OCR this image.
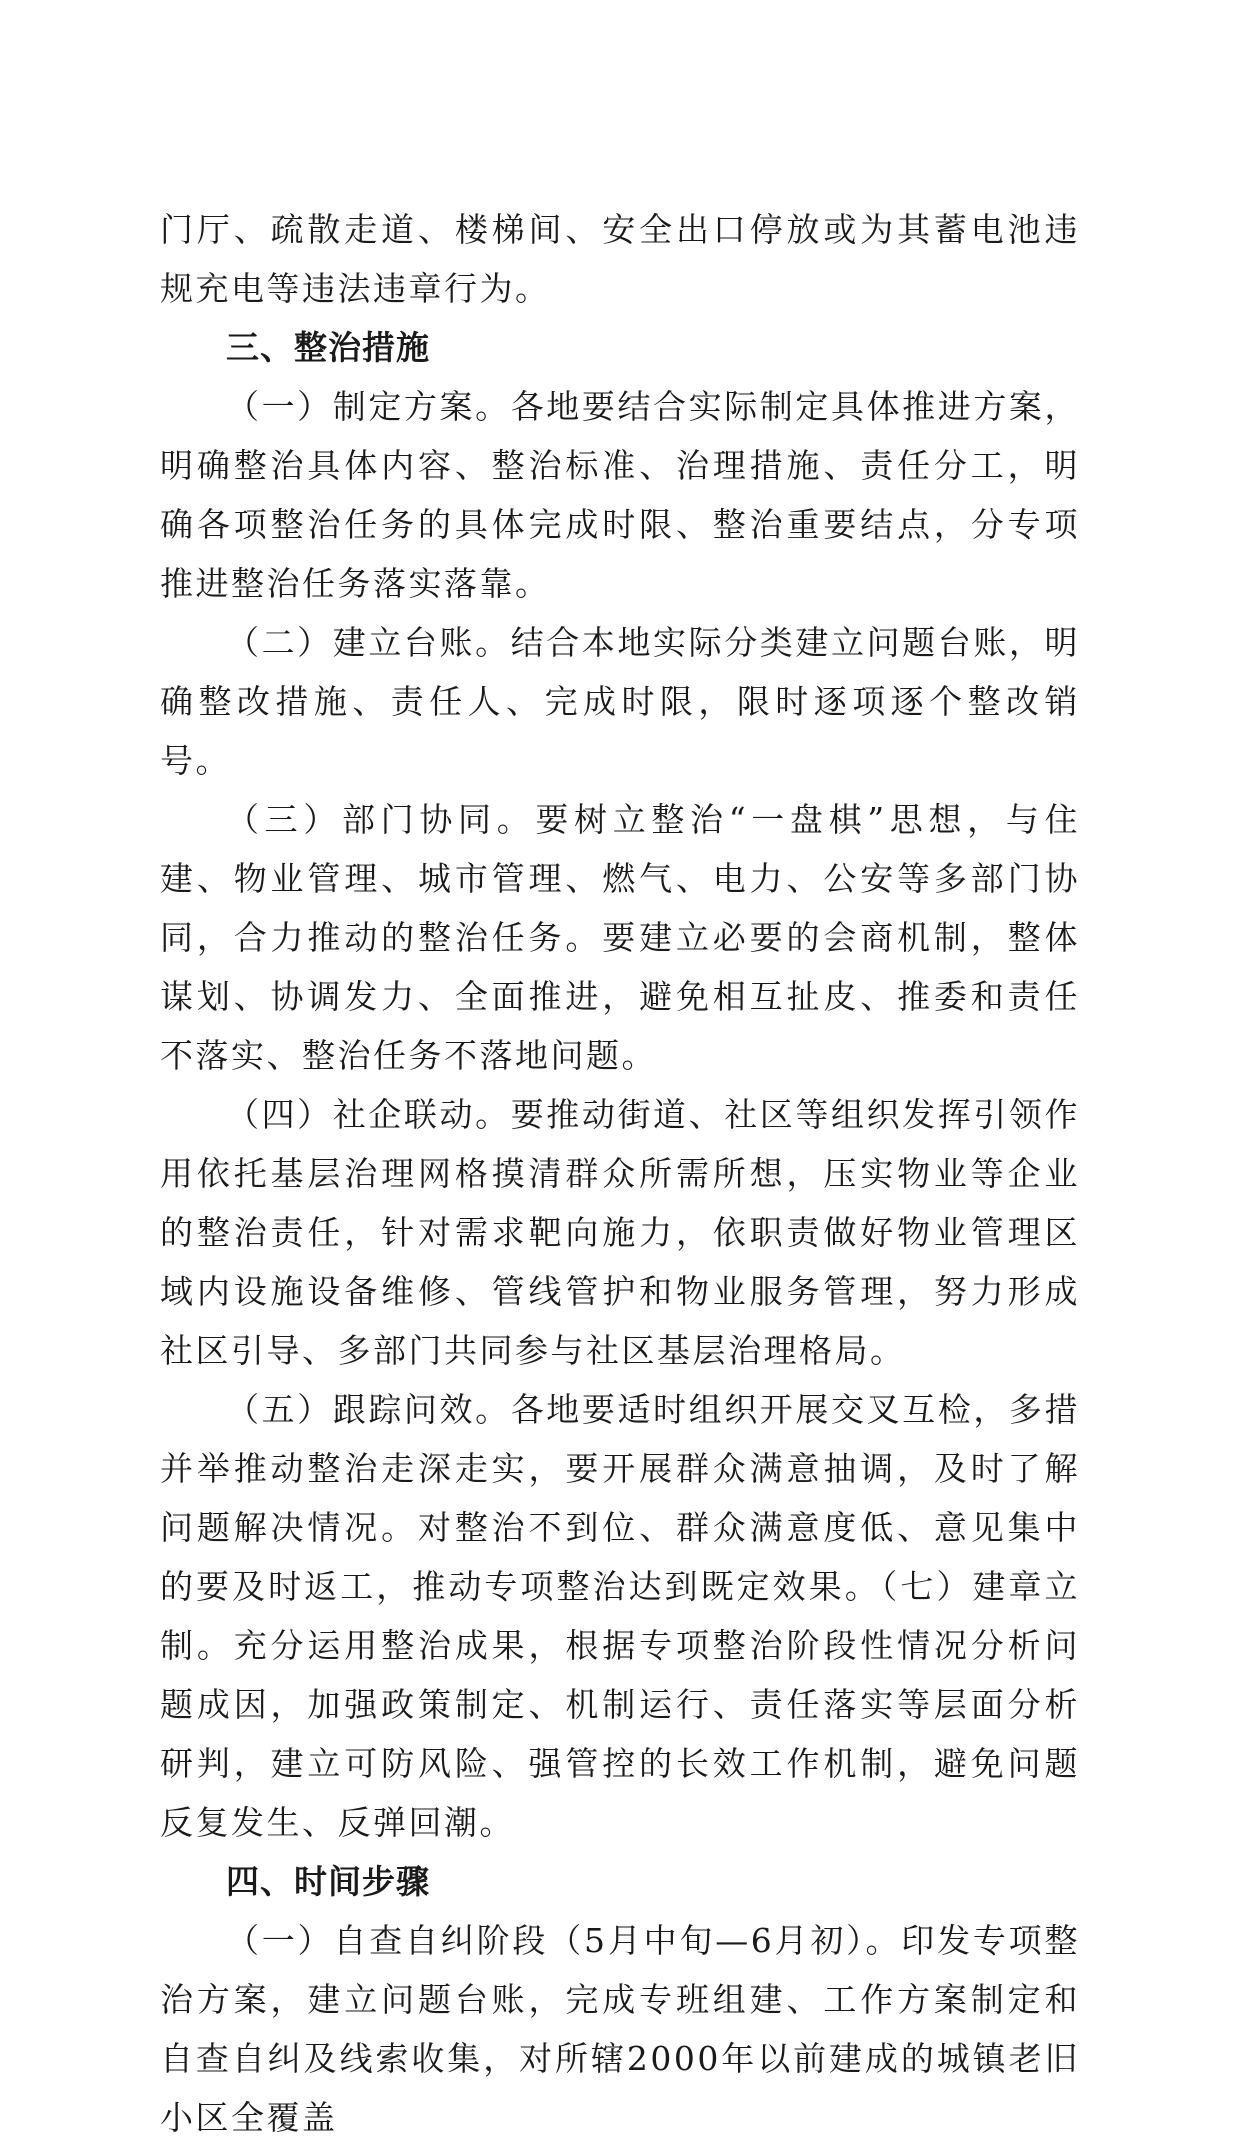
门厅、疏散走道、楼梯间、安全出口停放或为其蓄电池违规充电等违法违章行为。

三、整治措施

（一）制定方案。各地要结合实际制定具体推进方案，明确整治具体内容、整治标准、治理措施、责任分工，明确各项整治任务的具体完成时限、整治重要结点，分专项推进整治任务落实落靠。

（二）建立台账。结合本地实际分类建立问题台账，明确整改措施、责任人、完成时限，限时逐项逐个整改销号。

（三）部门协同。要树立整治“一盘棋”思想，与住建、物业管理、城市管理、燃气、电力、公安等多部门协同，合力推动的整治任务。要建立必要的会商机制，整体谋划、协调发力、全面推进，避免相互扯皮、推委和责任不落实、整治任务不落地问题。

（四）社企联动。要推动街道、社区等组织发挥引领作用依托基层治理网格摸清群众所需所想，压实物业等企业的整治责任，针对需求靶向施力，依职责做好物业管理区域内设施设备维修、管线管护和物业服务管理，努力形成社区引导、多部门共同参与社区基层治理格局。

（五）跟踪问效。各地要适时组织开展交叉互检，多措并举推动整治走深走实，要开展群众满意抽调，及时了解问题解决情况。对整治不到位、群众满意度低、意见集中的要及时返工，推动专项整治达到既定效果。（七）建章立制。充分运用整治成果，根据专项整治阶段性情况分析问题成因，加强政策制定、机制运行、责任落实等层面分析研判，建立可防风险、强管控的长效工作机制，避免问题反复发生、反弹回潮。

四、时间步骤

（一）自查自纠阶段（5月中旬—6月初）。印发专项整治方案，建立问题台账，完成专班组建、工作方案制定和自查自纠及线索收集，对所辖2000年以前建成的城镇老旧小区全覆盖
